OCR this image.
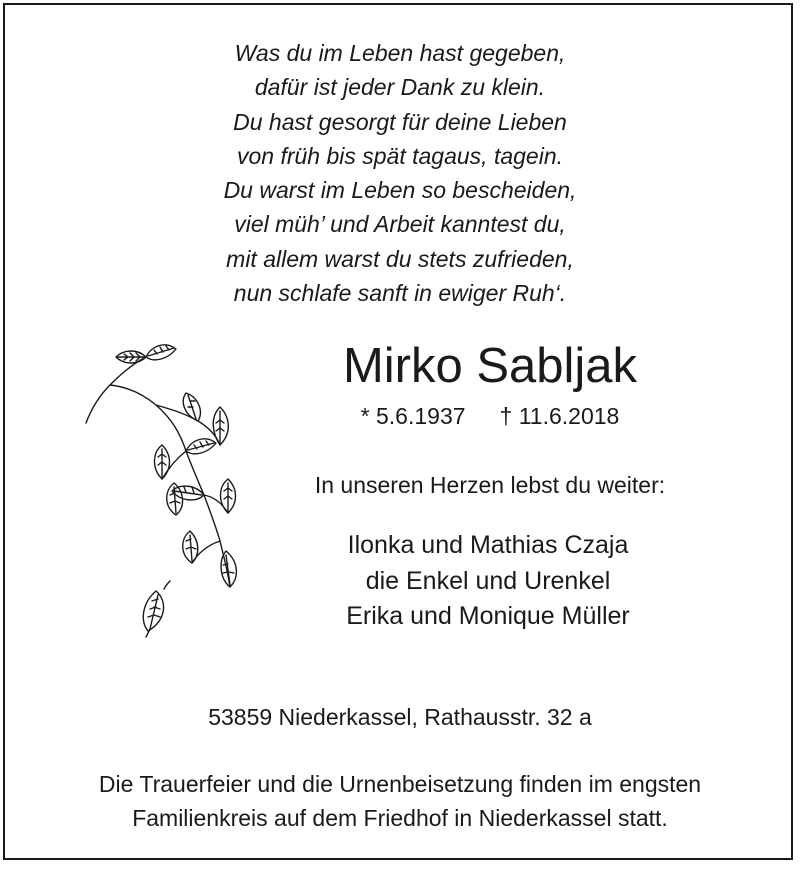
Was du im Leben hast gegeben,
dafür ist jeder Dank zu klein.
Du hast gesorgt für deine Lieben
von früh bis spät tagaus, tagein.
Du warst im Leben so bescheiden,
viel müh’ und Arbeit kanntest du,
mit allem warst du stets zufrieden,
nun schlafe sanft in ewiger Ruh‘.
Mirko Sabljak
* 5.6.1937 † 11.6.2018
In unseren Herzen lebst du weiter:
Ilonka und Mathias Czaja
die Enkel und Urenkel
Erika und Monique Müller
53859 Niederkassel, Rathausstr. 32 a
Die Trauerfeier und die Urnenbeisetzung finden im engsten
Familienkreis auf dem Friedhof in Niederkassel statt.
